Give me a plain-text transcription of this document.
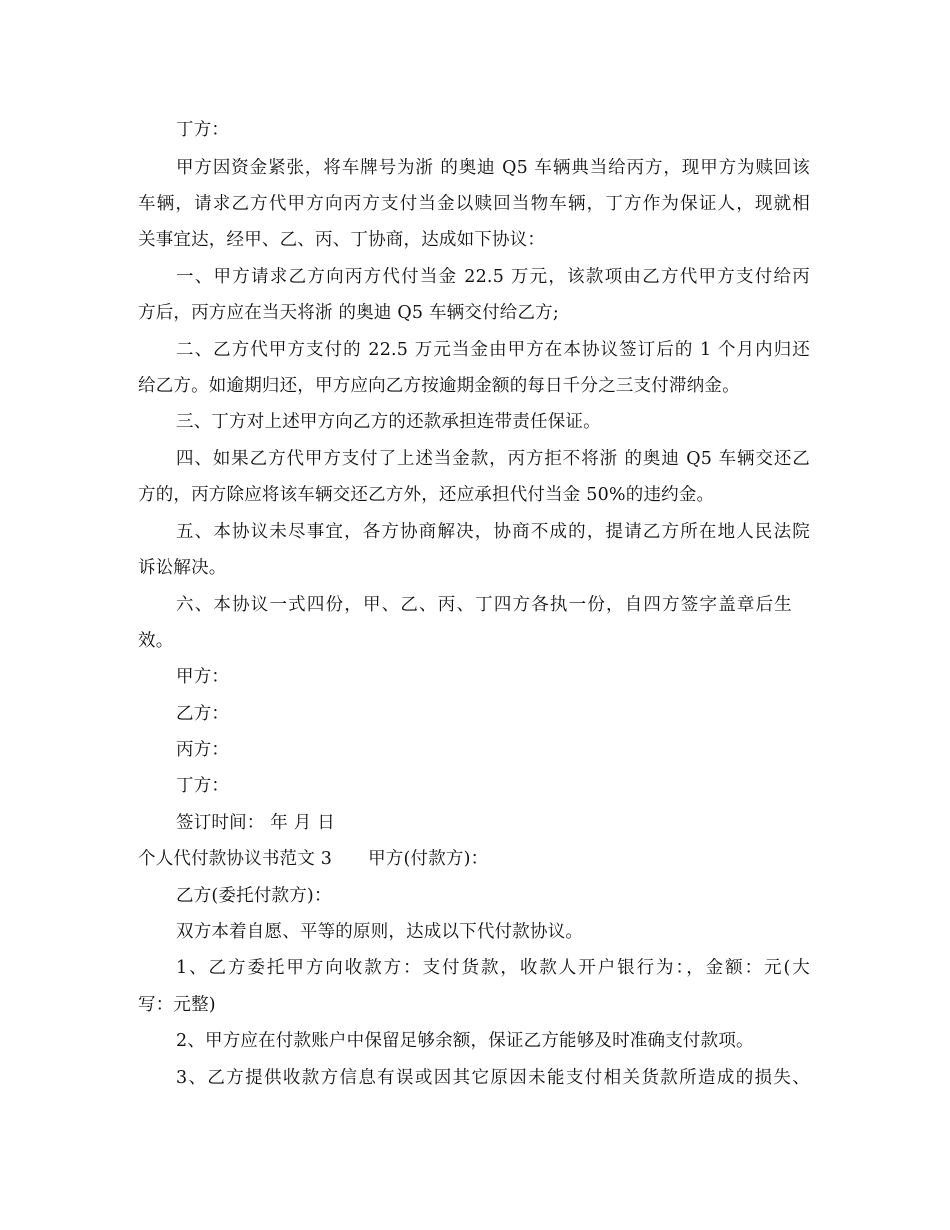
丁方：
甲方因资金紧张，将车牌号为浙 的奥迪 Q5 车辆典当给丙方，现甲方为赎回该
车辆，请求乙方代甲方向丙方支付当金以赎回当物车辆，丁方作为保证人，现就相
关事宜达，经甲、乙、丙、丁协商，达成如下协议：
一、甲方请求乙方向丙方代付当金 22.5 万元，该款项由乙方代甲方支付给丙
方后，丙方应在当天将浙 的奥迪 Q5 车辆交付给乙方;
二、乙方代甲方支付的 22.5 万元当金由甲方在本协议签订后的 1 个月内归还
给乙方。如逾期归还，甲方应向乙方按逾期金额的每日千分之三支付滞纳金。
三、丁方对上述甲方向乙方的还款承担连带责任保证。
四、如果乙方代甲方支付了上述当金款，丙方拒不将浙 的奥迪 Q5 车辆交还乙
方的，丙方除应将该车辆交还乙方外，还应承担代付当金 50%的违约金。
五、本协议未尽事宜，各方协商解决，协商不成的，提请乙方所在地人民法院
诉讼解决。
六、本协议一式四份，甲、乙、丙、丁四方各执一份，自四方签字盖章后生
效。
甲方：
乙方：
丙方：
丁方：
签订时间： 年 月 日
个人代付款协议书范文 3 甲方(付款方)：
乙方(委托付款方)：
双方本着自愿、平等的原则，达成以下代付款协议。
1、乙方委托甲方向收款方：支付货款，收款人开户银行为：，金额：元(大
写：元整)
2、甲方应在付款账户中保留足够余额，保证乙方能够及时准确支付款项。
3、乙方提供收款方信息有误或因其它原因未能支付相关货款所造成的损失、
